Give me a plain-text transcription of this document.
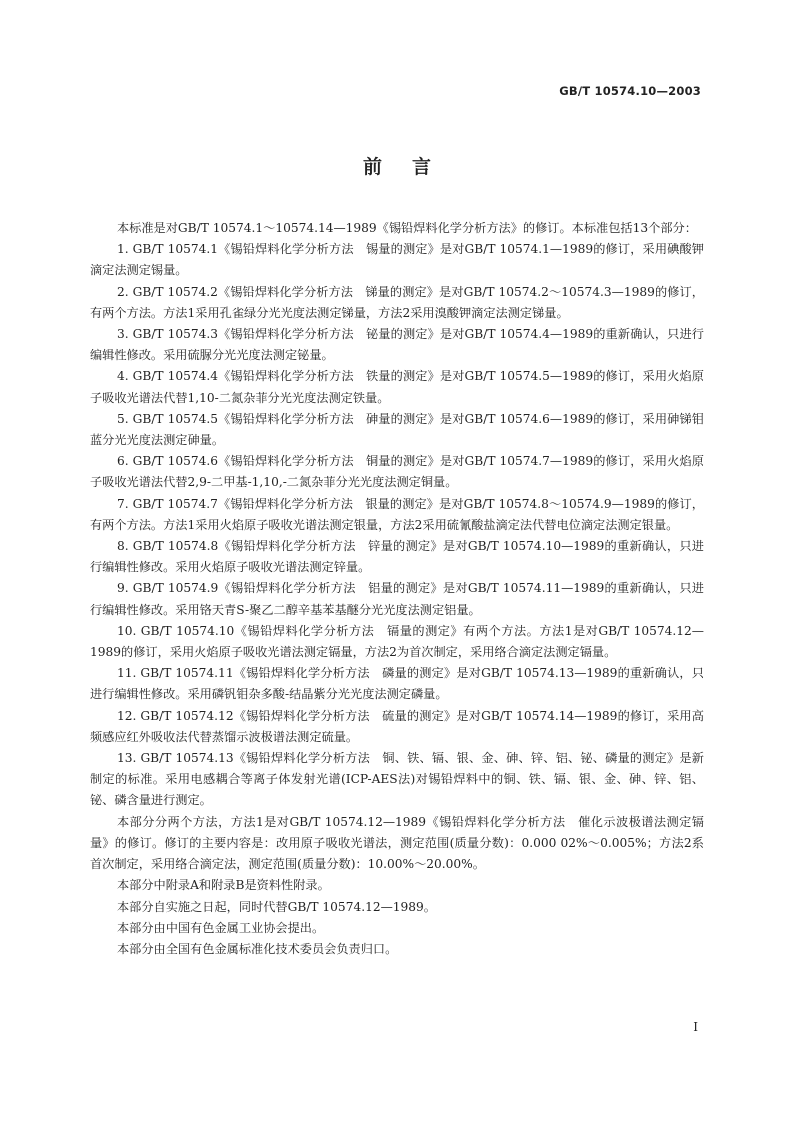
GB/T 10574.10—2003
前言

本标准是对GB/T 10574.1～10574.14—1989《锡铅焊料化学分析方法》的修订。本标准包括13个部分：

1. GB/T 10574.1《锡铅焊料化学分析方法　锡量的测定》是对GB/T 10574.1—1989的修订，采用碘酸钾滴定法测定锡量。

2. GB/T 10574.2《锡铅焊料化学分析方法　锑量的测定》是对GB/T 10574.2～10574.3—1989的修订，有两个方法。方法1采用孔雀绿分光光度法测定锑量，方法2采用溴酸钾滴定法测定锑量。

3. GB/T 10574.3《锡铅焊料化学分析方法　铋量的测定》是对GB/T 10574.4—1989的重新确认，只进行编辑性修改。采用硫脲分光光度法测定铋量。

4. GB/T 10574.4《锡铅焊料化学分析方法　铁量的测定》是对GB/T 10574.5—1989的修订，采用火焰原子吸收光谱法代替1,10-二氮杂菲分光光度法测定铁量。

5. GB/T 10574.5《锡铅焊料化学分析方法　砷量的测定》是对GB/T 10574.6—1989的修订，采用砷锑钼蓝分光光度法测定砷量。

6. GB/T 10574.6《锡铅焊料化学分析方法　铜量的测定》是对GB/T 10574.7—1989的修订，采用火焰原子吸收光谱法代替2,9-二甲基-1,10,-二氮杂菲分光光度法测定铜量。

7. GB/T 10574.7《锡铅焊料化学分析方法　银量的测定》是对GB/T 10574.8～10574.9—1989的修订，有两个方法。方法1采用火焰原子吸收光谱法测定银量，方法2采用硫氰酸盐滴定法代替电位滴定法测定银量。

8. GB/T 10574.8《锡铅焊料化学分析方法　锌量的测定》是对GB/T 10574.10—1989的重新确认，只进行编辑性修改。采用火焰原子吸收光谱法测定锌量。

9. GB/T 10574.9《锡铅焊料化学分析方法　铝量的测定》是对GB/T 10574.11—1989的重新确认，只进行编辑性修改。采用铬天青S-聚乙二醇辛基苯基醚分光光度法测定铝量。

10. GB/T 10574.10《锡铅焊料化学分析方法　镉量的测定》有两个方法。方法1是对GB/T 10574.12—1989的修订，采用火焰原子吸收光谱法测定镉量，方法2为首次制定，采用络合滴定法测定镉量。

11. GB/T 10574.11《锡铅焊料化学分析方法　磷量的测定》是对GB/T 10574.13—1989的重新确认，只进行编辑性修改。采用磷钒钼杂多酸-结晶紫分光光度法测定磷量。

12. GB/T 10574.12《锡铅焊料化学分析方法　硫量的测定》是对GB/T 10574.14—1989的修订，采用高频感应红外吸收法代替蒸馏示波极谱法测定硫量。

13. GB/T 10574.13《锡铅焊料化学分析方法　铜、铁、镉、银、金、砷、锌、铝、铋、磷量的测定》是新制定的标准。采用电感耦合等离子体发射光谱(ICP-AES法)对锡铅焊料中的铜、铁、镉、银、金、砷、锌、铝、铋、磷含量进行测定。

本部分分两个方法，方法1是对GB/T 10574.12—1989《锡铅焊料化学分析方法　催化示波极谱法测定镉量》的修订。修订的主要内容是：改用原子吸收光谱法，测定范围(质量分数)：0.000 02%～0.005%；方法2系首次制定，采用络合滴定法，测定范围(质量分数)：10.00%～20.00%。

本部分中附录A和附录B是资料性附录。

本部分自实施之日起，同时代替GB/T 10574.12—1989。

本部分由中国有色金属工业协会提出。

本部分由全国有色金属标准化技术委员会负责归口。

I
